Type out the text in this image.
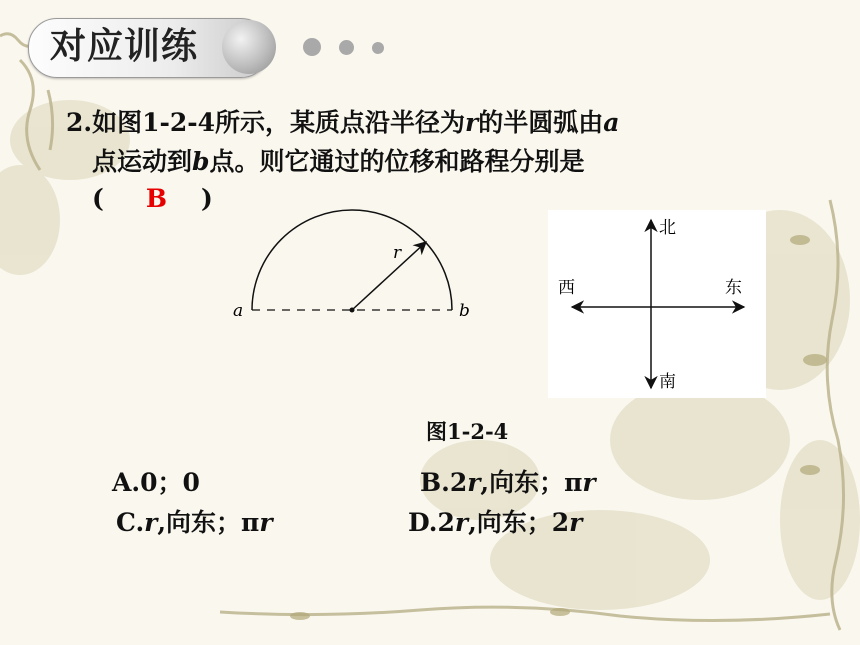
对应训练
2.如图1-2-4所示，某质点沿半径为r的半圆弧由a
点运动到b点。则它通过的位移和路程分别是
( B )
a	b
r
北
南
西	东
图1-2-4
A.0；0	B.2r,向东；πr
C.r,向东；πr	D.2r,向东；2r
